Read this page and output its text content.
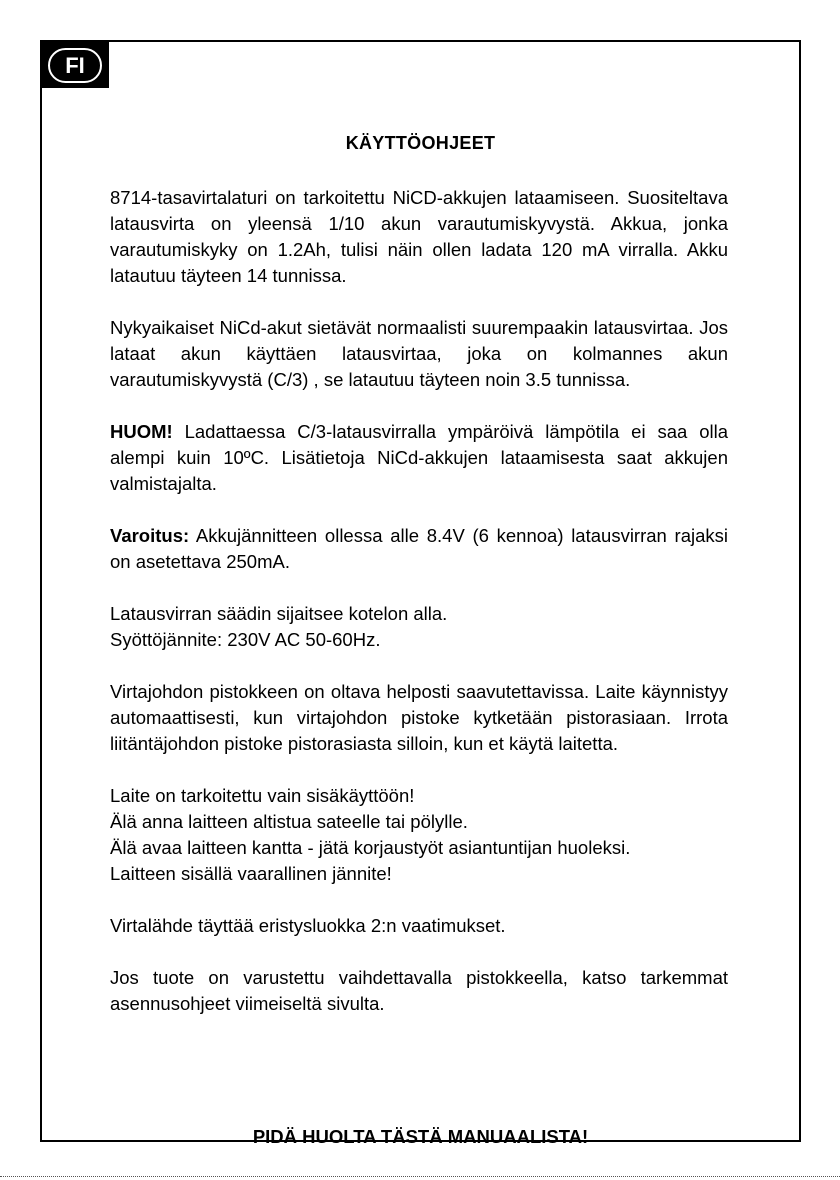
FI
KÄYTTÖOHJEET

8714-tasavirtalaturi on tarkoitettu NiCD-akkujen lataamiseen. Suositeltava latausvirta on yleensä 1/10 akun varautumiskyvystä. Akkua, jonka varautumiskyky on 1.2Ah, tulisi näin ollen ladata 120 mA virralla. Akku latautuu täyteen 14 tunnissa.

Nykyaikaiset NiCd-akut sietävät normaalisti suurempaakin latausvirtaa. Jos lataat akun käyttäen latausvirtaa, joka on kolmannes akun varautumiskyvystä (C/3) , se latautuu täyteen noin 3.5 tunnissa.

HUOM! Ladattaessa C/3-latausvirralla ympäröivä lämpötila ei saa olla alempi kuin 10ºC. Lisätietoja NiCd-akkujen lataamisesta saat akkujen valmistajalta.

Varoitus: Akkujännitteen ollessa alle 8.4V (6 kennoa) latausvirran rajaksi on asetettava 250mA.

Latausvirran säädin sijaitsee kotelon alla.
Syöttöjännite: 230V AC 50-60Hz.

Virtajohdon pistokkeen on oltava helposti saavutettavissa. Laite käynnistyy automaattisesti, kun virtajohdon pistoke kytketään pistorasiaan. Irrota liitäntäjohdon pistoke pistorasiasta silloin, kun et käytä laitetta.

Laite on tarkoitettu vain sisäkäyttöön!
Älä anna laitteen altistua sateelle tai pölylle.
Älä avaa laitteen kantta - jätä korjaustyöt asiantuntijan huoleksi.
Laitteen sisällä vaarallinen jännite!

Virtalähde täyttää eristysluokka 2:n vaatimukset.

Jos tuote on varustettu vaihdettavalla pistokkeella, katso tarkemmat asennusohjeet viimeiseltä sivulta.

PIDÄ HUOLTA TÄSTÄ MANUAALISTA!
